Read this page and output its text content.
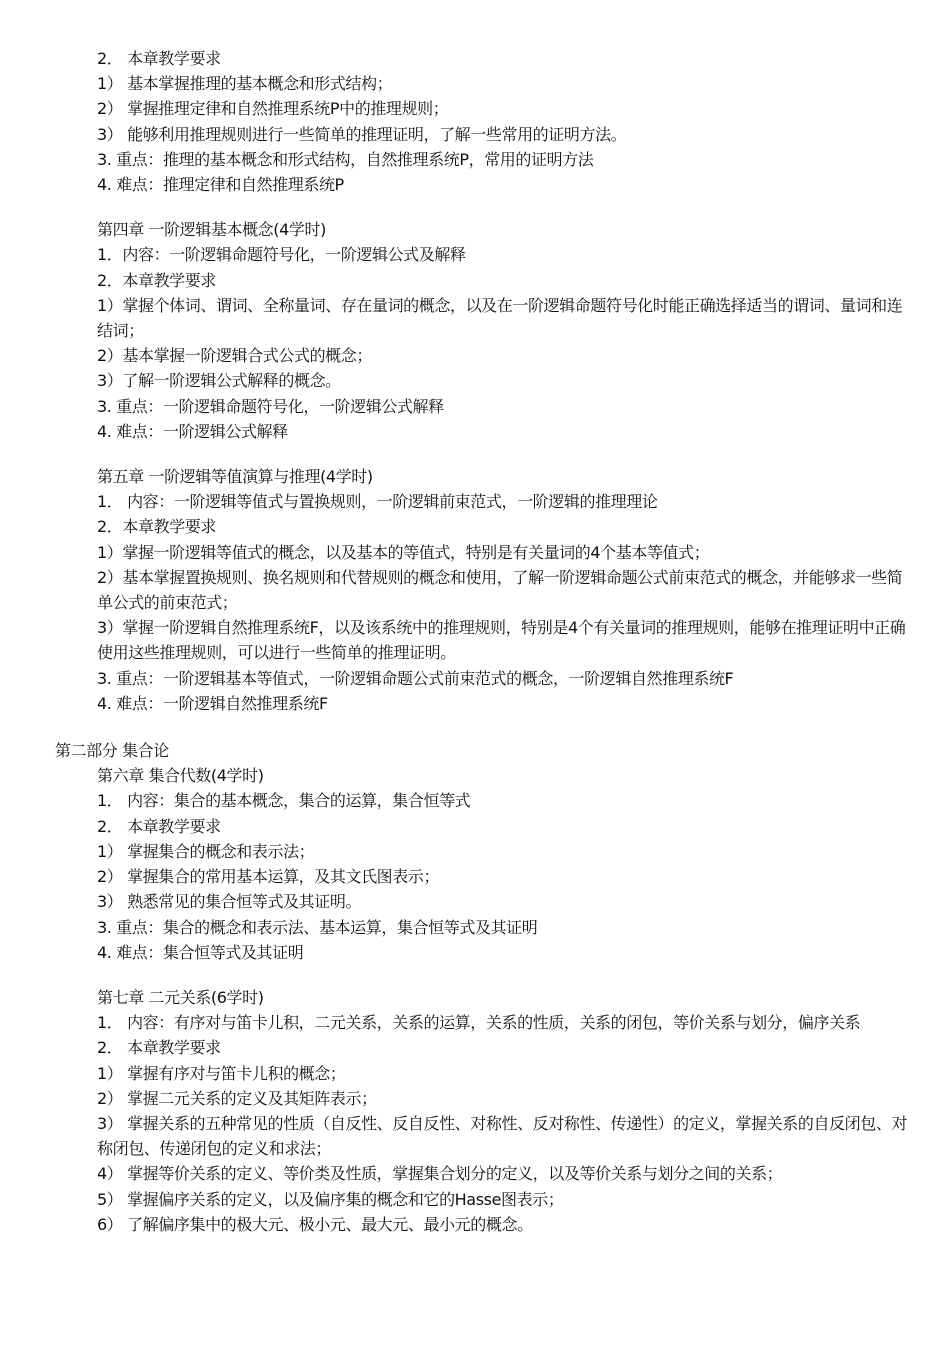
2． 本章教学要求
1） 基本掌握推理的基本概念和形式结构；
2） 掌握推理定律和自然推理系统P中的推理规则；
3） 能够利用推理规则进行一些简单的推理证明，了解一些常用的证明方法。
3. 重点：推理的基本概念和形式结构，自然推理系统P，常用的证明方法
4. 难点：推理定律和自然推理系统P
第四章 一阶逻辑基本概念(4学时)
1．内容：一阶逻辑命题符号化，一阶逻辑公式及解释
2．本章教学要求
1）掌握个体词、谓词、全称量词、存在量词的概念，以及在一阶逻辑命题符号化时能正确选择适当的谓词、量词和连结词；
2）基本掌握一阶逻辑合式公式的概念；
3）了解一阶逻辑公式解释的概念。
3. 重点：一阶逻辑命题符号化，一阶逻辑公式解释
4. 难点：一阶逻辑公式解释
第五章 一阶逻辑等值演算与推理(4学时)
1． 内容：一阶逻辑等值式与置换规则，一阶逻辑前束范式，一阶逻辑的推理理论
2．本章教学要求
1）掌握一阶逻辑等值式的概念，以及基本的等值式，特别是有关量词的4个基本等值式；
2）基本掌握置换规则、换名规则和代替规则的概念和使用，了解一阶逻辑命题公式前束范式的概念，并能够求一些简单公式的前束范式；
3）掌握一阶逻辑自然推理系统F，以及该系统中的推理规则，特别是4个有关量词的推理规则，能够在推理证明中正确使用这些推理规则，可以进行一些简单的推理证明。
3. 重点：一阶逻辑基本等值式，一阶逻辑命题公式前束范式的概念，一阶逻辑自然推理系统F
4. 难点：一阶逻辑自然推理系统F
第二部分 集合论
第六章 集合代数(4学时)
1． 内容：集合的基本概念，集合的运算，集合恒等式
2． 本章教学要求
1） 掌握集合的概念和表示法；
2） 掌握集合的常用基本运算，及其文氏图表示；
3） 熟悉常见的集合恒等式及其证明。
3. 重点：集合的概念和表示法、基本运算，集合恒等式及其证明
4. 难点：集合恒等式及其证明
第七章 二元关系(6学时)
1． 内容：有序对与笛卡儿积，二元关系，关系的运算，关系的性质，关系的闭包，等价关系与划分，偏序关系
2． 本章教学要求
1） 掌握有序对与笛卡儿积的概念；
2） 掌握二元关系的定义及其矩阵表示；
3） 掌握关系的五种常见的性质（自反性、反自反性、对称性、反对称性、传递性）的定义，掌握关系的自反闭包、对称闭包、传递闭包的定义和求法；
4） 掌握等价关系的定义、等价类及性质，掌握集合划分的定义，以及等价关系与划分之间的关系；
5） 掌握偏序关系的定义，以及偏序集的概念和它的Hasse图表示；
6） 了解偏序集中的极大元、极小元、最大元、最小元的概念。
